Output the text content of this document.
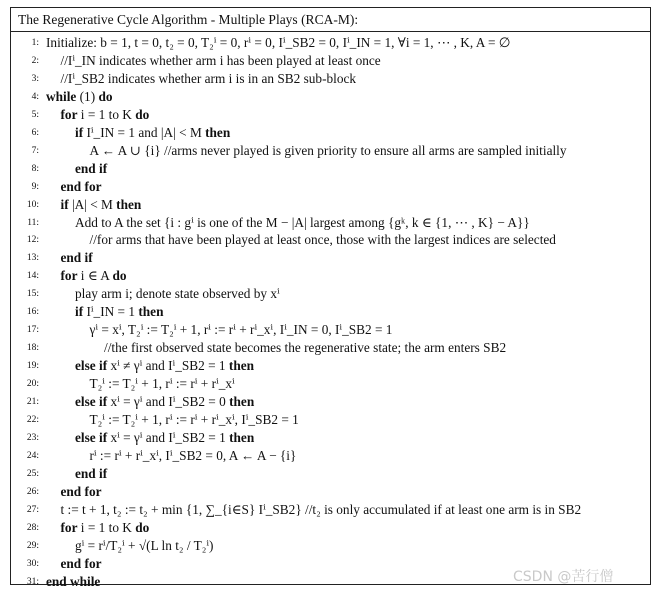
The Regenerative Cycle Algorithm - Multiple Plays (RCA-M):
1: Initialize: b = 1, t = 0, t₂ = 0, T₂ⁱ = 0, rⁱ = 0, Iⁱ_SB2 = 0, Iⁱ_IN = 1, ∀i = 1, ⋯ , K, A = ∅
2: //Iⁱ_IN indicates whether arm i has been played at least once
3: //Iⁱ_SB2 indicates whether arm i is in an SB2 sub-block
4: while (1) do
5: for i = 1 to K do
6:	if Iⁱ_IN = 1 and |A| < M then
7:	A ← A ∪ {i} //arms never played is given priority to ensure all arms are sampled initially
8:	end if
9: end for
10: if |A| < M then
11:	Add to A the set {i : gⁱ is one of the M − |A| largest among {gᵏ, k ∈ {1, ⋯ , K} − A}}
12:	//for arms that have been played at least once, those with the largest indices are selected
13: end if
14: for i ∈ A do
15:	play arm i; denote state observed by xⁱ
16:	if Iⁱ_IN = 1 then
17:	γⁱ = xⁱ, T₂ⁱ := T₂ⁱ + 1, rⁱ := rⁱ + rⁱ_xⁱ, Iⁱ_IN = 0, Iⁱ_SB2 = 1
18:	//the first observed state becomes the regenerative state; the arm enters SB2
19:	else if xⁱ ≠ γⁱ and Iⁱ_SB2 = 1 then
20:	T₂ⁱ := T₂ⁱ + 1, rⁱ := rⁱ + rⁱ_xⁱ
21:	else if xⁱ = γⁱ and Iⁱ_SB2 = 0 then
22:	T₂ⁱ := T₂ⁱ + 1, rⁱ := rⁱ + rⁱ_xⁱ, Iⁱ_SB2 = 1
23:	else if xⁱ = γⁱ and Iⁱ_SB2 = 1 then
24:	rⁱ := rⁱ + rⁱ_xⁱ, Iⁱ_SB2 = 0, A ← A − {i}
25:	end if
26: end for
27: t := t + 1, t₂ := t₂ + min {1, ∑_{i∈S} Iⁱ_SB2} //t₂ is only accumulated if at least one arm is in SB2
28: for i = 1 to K do
29:	gⁱ = rⁱ/T₂ⁱ + √(L ln t₂ / T₂ⁱ)
30: end for
31: end while	CSDN @苦行僧
